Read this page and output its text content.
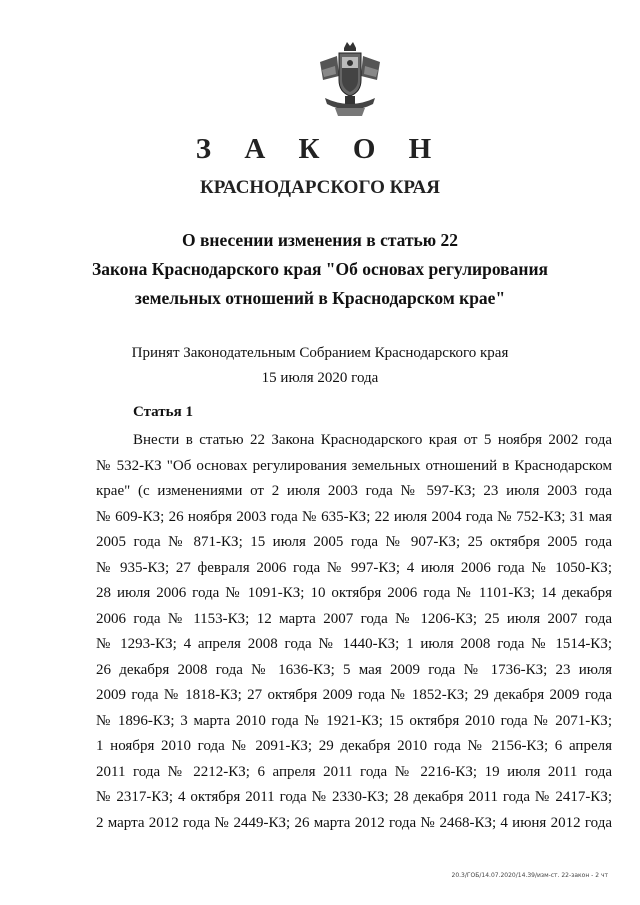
З А К О Н
КРАСНОДАРСКОГО КРАЯ
О внесении изменения в статью 22
Закона Краснодарского края "Об основах регулирования
земельных отношений в Краснодарском крае"
Принят Законодательным Собранием Краснодарского края
15 июля 2020 года
Статья 1
Внести в статью 22 Закона Краснодарского края от 5 ноября 2002 года
№ 532-КЗ "Об основах регулирования земельных отношений в Краснодарском
крае" (с изменениями от 2 июля 2003 года № 597-КЗ; 23 июля 2003 года
№ 609-КЗ; 26 ноября 2003 года № 635-КЗ; 22 июля 2004 года № 752-КЗ; 31 мая
2005 года № 871-КЗ; 15 июля 2005 года № 907-КЗ; 25 октября 2005 года
№ 935-КЗ; 27 февраля 2006 года № 997-КЗ; 4 июля 2006 года № 1050-КЗ;
28 июля 2006 года № 1091-КЗ; 10 октября 2006 года № 1101-КЗ; 14 декабря
2006 года № 1153-КЗ; 12 марта 2007 года № 1206-КЗ; 25 июля 2007 года
№ 1293-КЗ; 4 апреля 2008 года № 1440-КЗ; 1 июля 2008 года № 1514-КЗ;
26 декабря 2008 года № 1636-КЗ; 5 мая 2009 года № 1736-КЗ; 23 июля
2009 года № 1818-КЗ; 27 октября 2009 года № 1852-КЗ; 29 декабря 2009 года
№ 1896-КЗ; 3 марта 2010 года № 1921-КЗ; 15 октября 2010 года № 2071-КЗ;
1 ноября 2010 года № 2091-КЗ; 29 декабря 2010 года № 2156-КЗ; 6 апреля
2011 года № 2212-КЗ; 6 апреля 2011 года № 2216-КЗ; 19 июля 2011 года
№ 2317-КЗ; 4 октября 2011 года № 2330-КЗ; 28 декабря 2011 года № 2417-КЗ;
2 марта 2012 года № 2449-КЗ; 26 марта 2012 года № 2468-КЗ; 4 июня 2012 года
20.3/ГОБ/14.07.2020/14.39/изм-ст. 22-закон - 2 чт
